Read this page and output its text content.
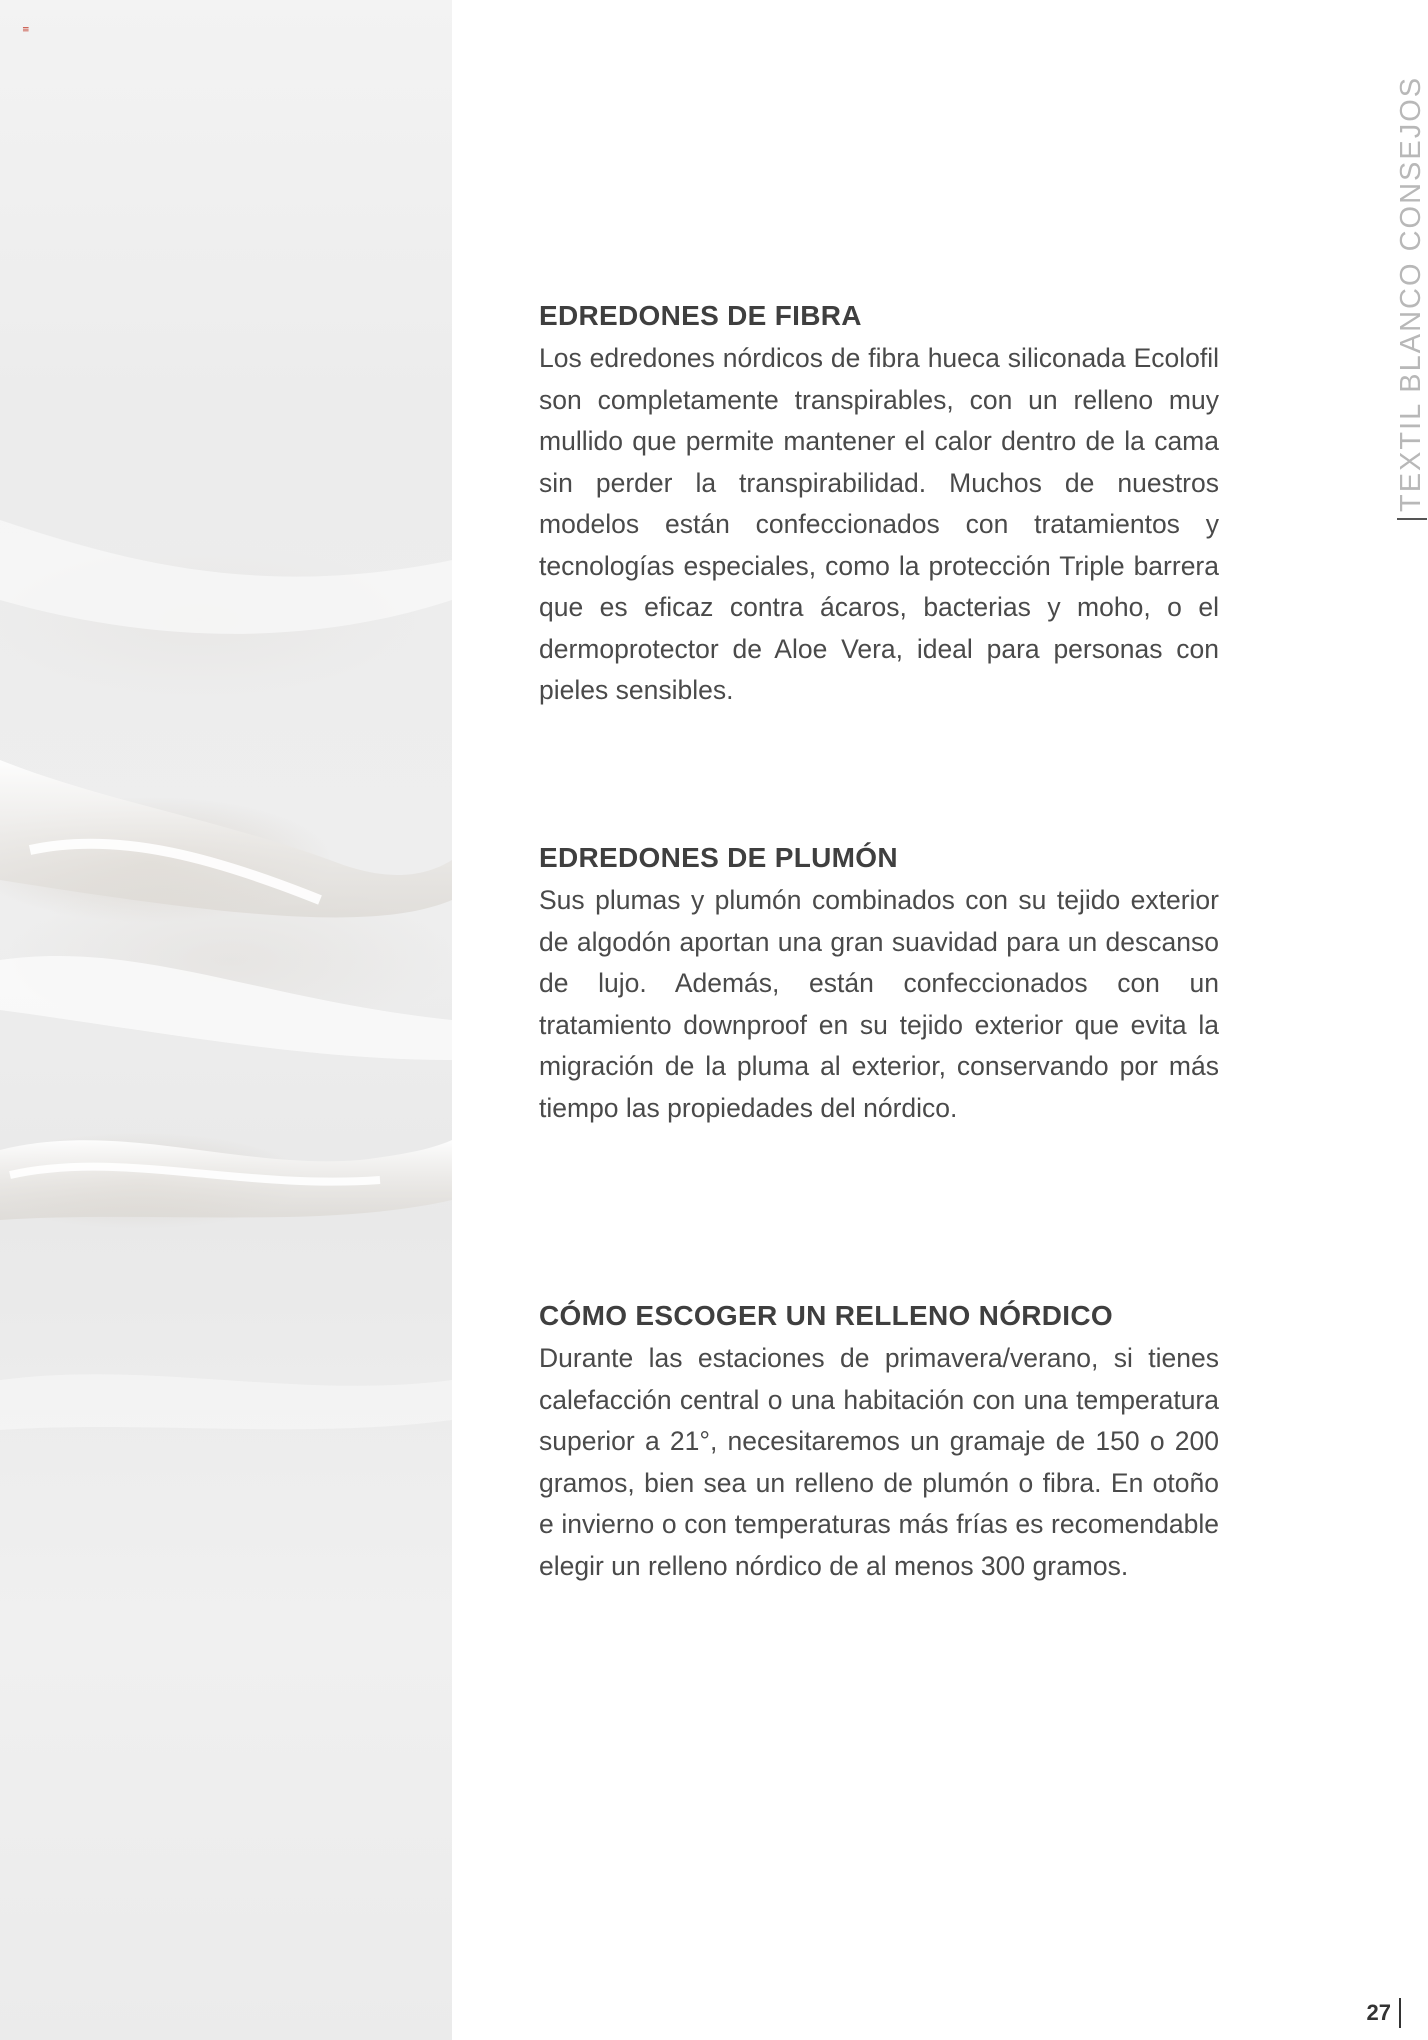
≡
TEXTIL BLANCO CONSEJOS
EDREDONES DE FIBRA

Los edredones nórdicos de fibra hueca siliconada Ecolofil son completamente transpirables, con un relleno muy mullido que permite mantener el calor dentro de la cama sin perder la transpirabilidad. Muchos de nuestros modelos están confeccionados con tratamientos y tecnologías especiales, como la protección Triple barrera que es eficaz contra ácaros, bacterias y moho, o el dermoprotector de Aloe Vera, ideal para personas con pieles sensibles.

EDREDONES DE PLUMÓN

Sus plumas y plumón combinados con su tejido exterior de algodón aportan una gran suavidad para un descanso de lujo. Además, están confeccionados con un tratamiento downproof en su tejido exterior que evita la migración de la pluma al exterior, conservando por más tiempo las propiedades del nórdico.

CÓMO ESCOGER UN RELLENO NÓRDICO

Durante las estaciones de primavera/verano, si tienes calefacción central o una habitación con una temperatura superior a 21°, necesitaremos un gramaje de 150 o 200 gramos, bien sea un relleno de plumón o fibra. En otoño e invierno o con temperaturas más frías es recomendable elegir un relleno nórdico de al menos 300 gramos.

27
